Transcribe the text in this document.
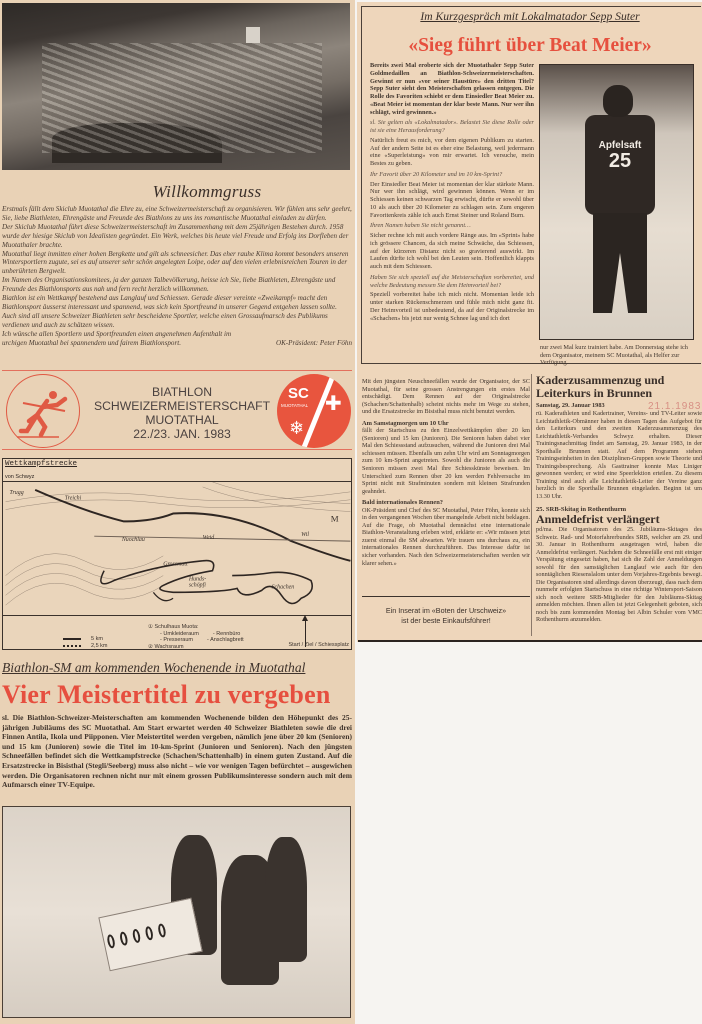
Willkommgruss

Erstmals fällt dem Skiclub Muotathal die Ehre zu, eine Schweizermeisterschaft zu organisieren. Wir fühlen uns sehr geehrt, Sie, liebe Biathleten, Ehrengäste und Freunde des Biathlons zu uns ins romantische Muotathal einladen zu dürfen.

Der Skiclub Muotathal führt diese Schweizermeisterschaft im Zusammenhang mit dem 25jährigen Bestehen durch. 1958 wurde der hiesige Skiclub von Idealisten gegründet. Ein Werk, welches bis heute viel Freude und Erfolg ins Dorfleben der Muotathaler brachte.

Muotathal liegt inmitten einer hohen Bergkette und gilt als schneesicher. Das eher rauhe Klima kommt besonders unseren Wintersportlern zugute, sei es auf unserer sehr schön angelegten Loipe, oder auf den vielen erlebnisreichen Touren in der unberührten Bergwelt.

Im Namen des Organisationskomitees, ja der ganzen Talbevölkerung, heisse ich Sie, liebe Biathleten, Ehrengäste und Freunde des Biathlonsports aus nah und fern recht herzlich willkommen.

Biathlon ist ein Wettkampf bestehend aus Langlauf und Schiessen. Gerade dieser vereinte «Zweikampf» macht den Biathlonsport äusserst interessant und spannend, was sich kein Sportfreund in unserer Gegend entgehen lassen sollte. Auch sind all unsere Schweizer Biathleten sehr bescheidene Sportler, welche einen Grossaufmarsch des Publikums verdienen und auch zu schätzen wissen.

Ich wünsche allen Sportlern und Sportfreunden einen angenehmen Aufenthalt im urchigen Muotathal bei spannendem und fairem Biathlonsport.	OK-Präsident: Peter Föhn

BIATHLON
SCHWEIZERMEISTERSCHAFT
MUOTATHAL
22./23. JAN. 1983
SC
MUOTATHAL ✚
❄
Wettkampfstrecke
von Schwyz
Trugg
Treichi
Nuochlau	Weid	Wil
Grossmatt
Hunds-
schöpfi	Schachen
M
5 km
2,5 km
① Schulhaus Muota:
- Umkleideraum	- Rennbüro
- Presseraum	- Anschlagbrett
② Wachsraum	Start / Ziel / Schiessplatz
Biathlon-SM am kommenden Wochenende in Muotathal
Vier Meistertitel zu vergeben

sl. Die Biathlon-Schweizer-Meisterschaften am kommenden Wochenende bilden den Höhepunkt des 25-jährigen Jubiläums des SC Muotathal. Am Start erwartet werden 40 Schweizer Biathleten sowie die drei Finnen Antila, Ikola und Piipponen. Vier Meistertitel werden vergeben, nämlich jene über 20 km (Senioren) und 15 km (Junioren) sowie die Titel im 10-km-Sprint (Junioren und Senioren). Nach den jüngsten Schneefällen befindet sich die Wettkampfstrecke (Schachen/Schattenhalb) in einem guten Zustand. Auf die Ersatzstrecke in Bisisthal (Stegli/Seeberg) muss also nicht – wie vor wenigen Tagen befürchtet – ausgewichen werden. Die Organisatoren rechnen nicht nur mit einem grossen Publikumsinteresse sondern auch mit dem Aufmarsch einer TV-Equipe.

Im Kurzgespräch mit Lokalmatador Sepp Suter
«Sieg führt über Beat Meier»

Bereits zwei Mal eroberte sich der Muotathaler Sepp Suter Goldmedaillen an Biathlon-Schweizermeisterschaften. Gewinnt er nun «vor seiner Haustüre» den dritten Titel? Sepp Suter sieht den Meisterschaften gelassen entgegen. Die Rolle des Favoriten schiebt er dem Einsiedler Beat Meier zu. «Beat Meier ist momentan der klar beste Mann. Nur wer ihn schlägt, wird gewinnen.»

sl. Sie gelten als «Lokalmatador». Belastet Sie diese Rolle oder ist sie eine Herausforderung?

Natürlich freut es mich, vor dem eigenen Publikum zu starten. Auf der andern Seite ist es eher eine Belastung, weil jedermann eine «Superleistung» von mir erwartet. Ich versuche, mein Bestes zu geben.

Ihr Favorit über 20 Kilometer und im 10 km-Sprint?

Der Einsiedler Beat Meier ist momentan der klar stärkste Mann. Nur wer ihn schlägt, wird gewinnen können. Wenn er im Schiessen keinen schwarzen Tag erwischt, dürfte er sowohl über 10 als auch über 20 Kilometer zu schlagen sein. Zum engeren Favoritenkreis zähle ich auch Ernst Steiner und Roland Burn.

Ihren Namen haben Sie nicht genannt…

Sicher rechne ich mit auch vordere Ränge aus. Im «Sprint» habe ich grössere Chancen, da sich meine Schwäche, das Schiessen, auf der kürzeren Distanz nicht so gravierend auswirkt. Im Laufen dürfte ich wohl bei den Leuten sein. Hoffentlich klappts auch mit dem Schiessen.

Haben Sie sich speziell auf die Meisterschaften vorbereitet, und welche Bedeutung messen Sie dem Heimvorteil bei?

Speziell vorbereitet habe ich mich nicht. Momentan leide ich unter starken Rückenschmerzen und fühle mich nicht ganz fit. Der Heimvorteil ist unbedeutend, da auf der Originalstrecke im «Schachen» bis jetzt nur wenig Schnee lag und ich dort

Apfelsaft
25
nur zwei Mal kurz trainiert habe. Am Donnerstag stehe ich dem Organisator, meinem SC Muotathal, als Helfer zur Verfügung.

Mit den jüngsten Neuschneefällen wurde der Organisator, der SC Muotathal, für seine grossen Anstrengungen ein erstes Mal entschädigt. Dem Rennen auf der Originalstrecke (Schachen/Schattenhalb) scheint nichts mehr im Wege zu stehen, und die Ersatzstrecke im Bisisthal muss nicht benutzt werden.

Am Samstagmorgen um 10 Uhr

fällt der Startschuss zu den Einzelwettkämpfen über 20 km (Senioren) und 15 km (Junioren). Die Senioren haben dabei vier Mal den Schiessstand aufzusuchen, während die Junioren drei Mal schiessen müssen. Ebenfalls um zehn Uhr wird am Sonntagmorgen zum 10 km-Sprint angetreten. Sowohl die Junioren als auch die Senioren müssen zwei Mal ihre Schiesskünste beweisen. Im Unterschied zum Rennen über 20 km werden Fehlversuche im Sprint nicht mit Strafminuten sondern mit kleinen Strafrunden geahndet.

Bald internationales Rennen?

OK-Präsident und Chef des SC Muotathal, Peter Föhn, konnte sich in den vergangenen Wochen über mangelnde Arbeit nicht beklagen. Auf die Frage, ob Muotathal demnächst eine internationale Biathlon-Veranstaltung erleben wird, erklärte er: «Wir müssen jetzt zuerst einmal die SM abwarten. Wir trauen uns durchaus zu, ein internationales Rennen durchzuführen. Das Interesse dafür ist sicher vorhanden. Nach den Schweizermeisterschaften werden wir klarer sehen.»

Ein Inserat im «Boten der Urschweiz»
ist der beste Einkaufsführer!
Kaderzusammenzug und Leiterkurs in Brunnen
Samstag, 29. Januar 1983	21.1.1983

rü. Kaderathleten und Kadertrainer, Vereins- und TV-Leiter sowie Leichtathletik-Obmänner haben in diesen Tagen das Aufgebot für den Leiterkurs und den zweiten Kaderzusammenzug des Leichtathletik-Verbandes Schwyz erhalten. Dieser Trainingsnachmittag findet am Samstag, 29. Januar 1983, in der Sporthalle Brunnen statt. Auf dem Programm stehen Trainingseinheiten in den Disziplinen-Gruppen sowie Theorie und Trainingsbesprechung. Als Gasttrainer konnte Max Liniger gewonnen werden; er wird eine Speerlektion erteilen. Zu diesem Training sind auch alle Leichtathletik-Leiter der Vereine ganz herzlich in die Sporthalle Brunnen eingeladen. Beginn ist um 13.30 Uhr.

25. SRB-Skitag in Rothenthurm
Anmeldefrist verlängert

pd/ma. Die Organisatoren des 25. Jubiläums-Skitages des Schweiz. Rad- und Motorfahrerbundes SRB, welcher am 29. und 30. Januar in Rothenthurm ausgetragen wird, haben die Anmeldefrist verlängert. Nachdem die Schneefälle erst mit einiger Verspätung eingesetzt haben, hat sich die Zahl der Anmeldungen sowohl für den samstäglichen Langlauf wie auch für den sonntäglichen Riesenslalom unter dem Vorjahres-Ergebnis bewegt. Die Organisatoren sind allerdings davon überzeugt, dass nach dem nunmehr erfolgten Startschuss in eine richtige Wintersport-Saison sich noch weitere SRB-Mitglieder für den Jubiläums-Skitag anmelden möchten. Ihnen allen ist jetzt Gelegenheit geboten, sich noch bis zum kommenden Montag bei Albin Schuler vom VMC Rothenthurm anzumelden.
